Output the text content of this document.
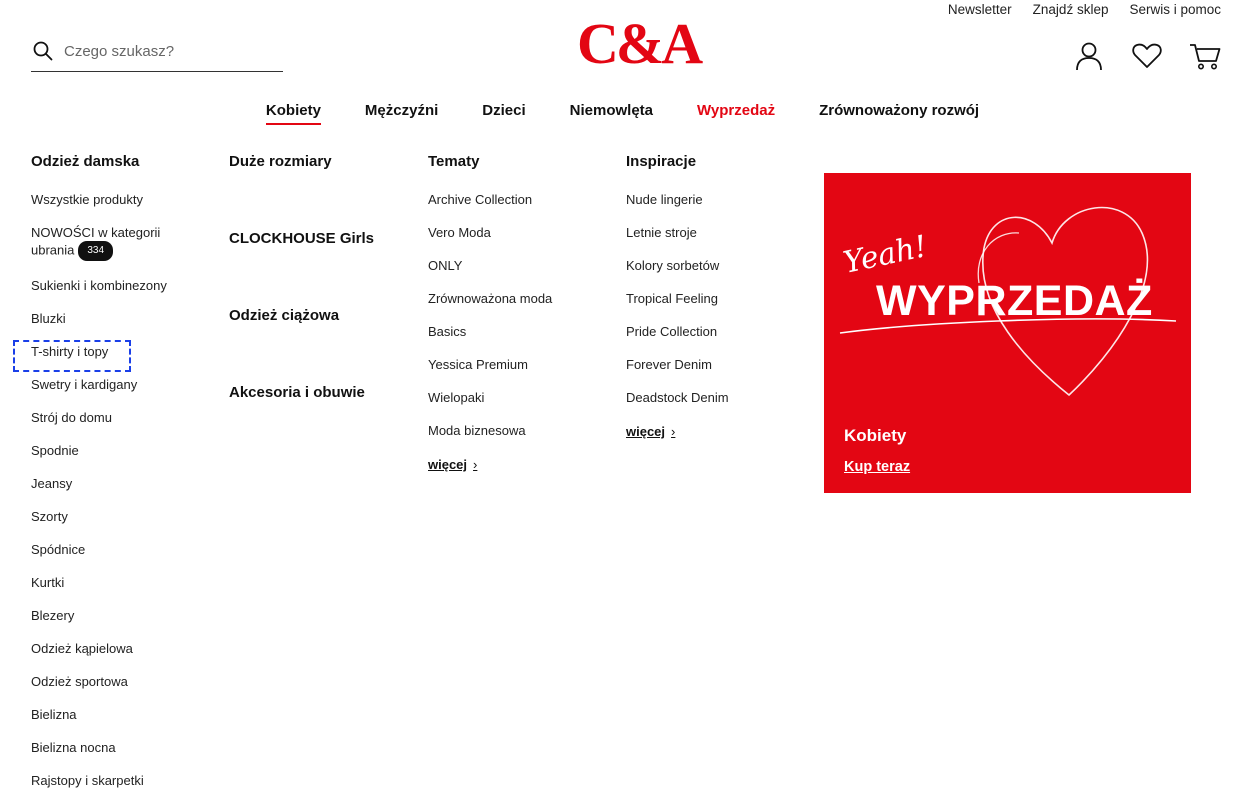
Newsletter Znajdź sklep Serwis i pomoc
Czego szukasz?
C&A
Kobiety	Mężczyźni	Dzieci	Niemowlęta	Wyprzedaż	Zrównoważony rozwój
Odzież damska
Wszystkie produkty
NOWOŚCI w kategorii ubrania 334
Sukienki i kombinezony
Bluzki
T-shirty i topy
Swetry i kardigany
Strój do domu
Spodnie
Jeansy
Szorty
Spódnice
Kurtki
Blezery
Odzież kąpielowa
Odzież sportowa
Bielizna
Bielizna nocna
Rajstopy i skarpetki
Duże rozmiary
CLOCKHOUSE Girls
Odzież ciążowa
Akcesoria i obuwie
Tematy
Archive Collection
Vero Moda
ONLY
Zrównoważona moda
Basics
Yessica Premium
Wielopaki
Moda biznesowa
więcej ›
Inspiracje
Nude lingerie
Letnie stroje
Kolory sorbetów
Tropical Feeling
Pride Collection
Forever Denim
Deadstock Denim
więcej ›
Yeah!
WYPRZEDAŻ
Kobiety
Kup teraz
